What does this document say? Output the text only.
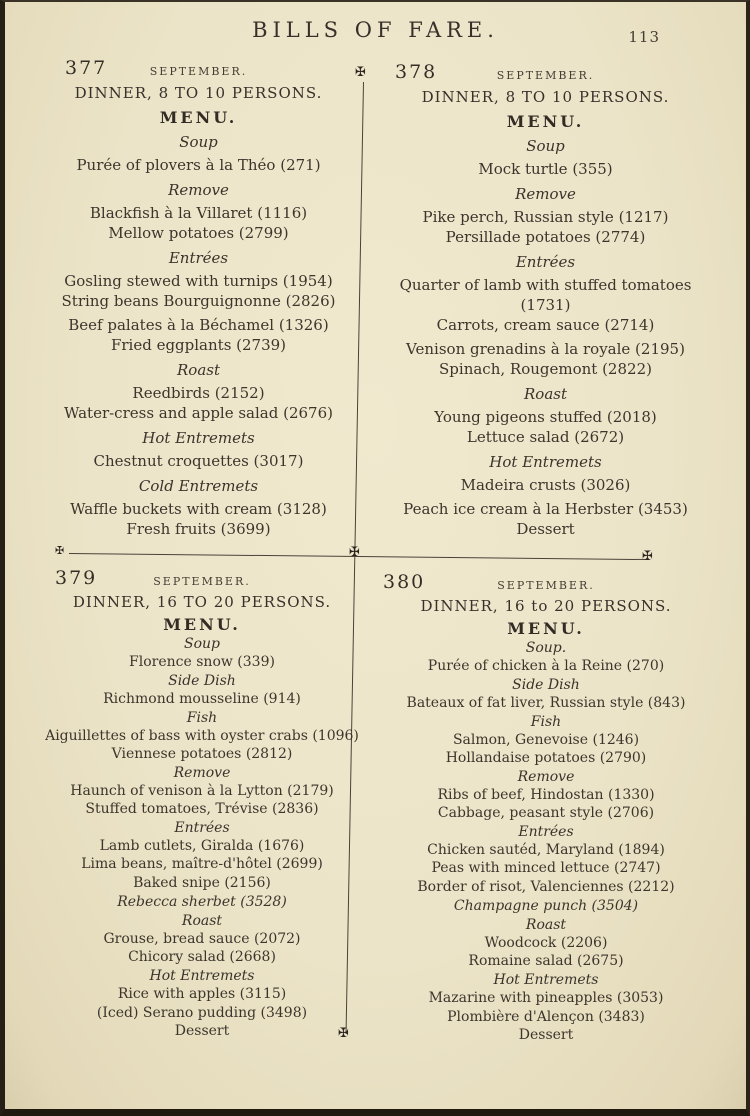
BILLS OF FARE.	113
✠
✠
✠
✠	✠
377	SEPTEMBER.
DINNER, 8 TO 10 PERSONS.
MENU.
Soup
Purée of plovers à la Théo (271)
Remove
Blackfish à la Villaret (1116)
Mellow potatoes (2799)
Entrées
Gosling stewed with turnips (1954)
String beans Bourguignonne (2826)
Beef palates à la Béchamel (1326)
Fried eggplants (2739)
Roast
Reedbirds (2152)
Water-cress and apple salad (2676)
Hot Entremets
Chestnut croquettes (3017)
Cold Entremets
Waffle buckets with cream (3128)
Fresh fruits (3699)
378	SEPTEMBER.
DINNER, 8 TO 10 PERSONS.
MENU.
Soup
Mock turtle (355)
Remove
Pike perch, Russian style (1217)
Persillade potatoes (2774)
Entrées
Quarter of lamb with stuffed tomatoes (1731)
Carrots, cream sauce (2714)
Venison grenadins à la royale (2195)
Spinach, Rougemont (2822)
Roast
Young pigeons stuffed (2018)
Lettuce salad (2672)
Hot Entremets
Madeira crusts (3026)
Peach ice cream à la Herbster (3453)
Dessert
379	SEPTEMBER.
DINNER, 16 TO 20 PERSONS.
MENU.
Soup
Florence snow (339)
Side Dish
Richmond mousseline (914)
Fish
Aiguillettes of bass with oyster crabs (1096)
Viennese potatoes (2812)
Remove
Haunch of venison à la Lytton (2179)
Stuffed tomatoes, Trévise (2836)
Entrées
Lamb cutlets, Giralda (1676)
Lima beans, maître-d'hôtel (2699)
Baked snipe (2156)
Rebecca sherbet (3528)
Roast
Grouse, bread sauce (2072)
Chicory salad (2668)
Hot Entremets
Rice with apples (3115)
(Iced) Serano pudding (3498)
Dessert
380	SEPTEMBER.
DINNER, 16 to 20 PERSONS.
MENU.
Soup.
Purée of chicken à la Reine (270)
Side Dish
Bateaux of fat liver, Russian style (843)
Fish
Salmon, Genevoise (1246)
Hollandaise potatoes (2790)
Remove
Ribs of beef, Hindostan (1330)
Cabbage, peasant style (2706)
Entrées
Chicken sautéd, Maryland (1894)
Peas with minced lettuce (2747)
Border of risot, Valenciennes (2212)
Champagne punch (3504)
Roast
Woodcock (2206)
Romaine salad (2675)
Hot Entremets
Mazarine with pineapples (3053)
Plombière d'Alençon (3483)
Dessert
